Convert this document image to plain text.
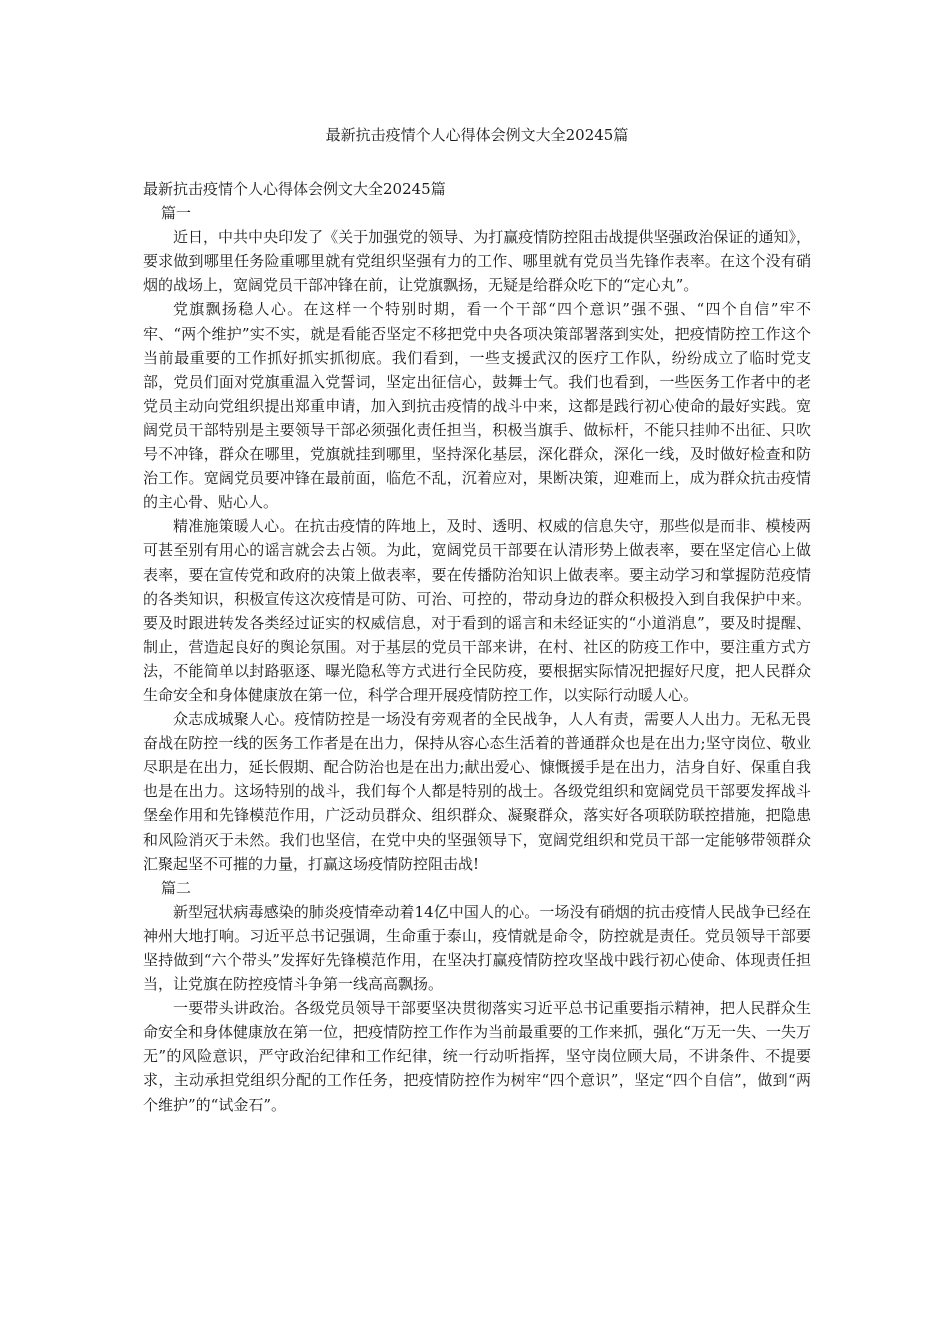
最新抗击疫情个人心得体会例文大全20245篇

最新抗击疫情个人心得体会例文大全20245篇

篇一

近日，中共中央印发了《关于加强党的领导、为打赢疫情防控阻击战提供坚强政治保证的通知》，要求做到哪里任务险重哪里就有党组织坚强有力的工作、哪里就有党员当先锋作表率。在这个没有硝烟的战场上，宽阔党员干部冲锋在前，让党旗飘扬，无疑是给群众吃下的“定心丸”。

党旗飘扬稳人心。在这样一个特别时期，看一个干部“四个意识”强不强、“四个自信”牢不牢、“两个维护”实不实，就是看能否坚定不移把党中央各项决策部署落到实处，把疫情防控工作这个当前最重要的工作抓好抓实抓彻底。我们看到，一些支援武汉的医疗工作队，纷纷成立了临时党支部，党员们面对党旗重温入党誓词，坚定出征信心，鼓舞士气。我们也看到，一些医务工作者中的老党员主动向党组织提出郑重申请，加入到抗击疫情的战斗中来，这都是践行初心使命的最好实践。宽阔党员干部特别是主要领导干部必须强化责任担当，积极当旗手、做标杆，不能只挂帅不出征、只吹号不冲锋，群众在哪里，党旗就挂到哪里，坚持深化基层，深化群众，深化一线，及时做好检查和防治工作。宽阔党员要冲锋在最前面，临危不乱，沉着应对，果断决策，迎难而上，成为群众抗击疫情的主心骨、贴心人。

精准施策暖人心。在抗击疫情的阵地上，及时、透明、权威的信息失守，那些似是而非、模棱两可甚至别有用心的谣言就会去占领。为此，宽阔党员干部要在认清形势上做表率，要在坚定信心上做表率，要在宣传党和政府的决策上做表率，要在传播防治知识上做表率。要主动学习和掌握防范疫情的各类知识，积极宣传这次疫情是可防、可治、可控的，带动身边的群众积极投入到自我保护中来。要及时跟进转发各类经过证实的权威信息，对于看到的谣言和未经证实的“小道消息”，要及时提醒、制止，营造起良好的舆论氛围。对于基层的党员干部来讲，在村、社区的防疫工作中，要注重方式方法，不能简单以封路驱逐、曝光隐私等方式进行全民防疫，要根据实际情况把握好尺度，把人民群众生命安全和身体健康放在第一位，科学合理开展疫情防控工作，以实际行动暖人心。

众志成城聚人心。疫情防控是一场没有旁观者的全民战争，人人有责，需要人人出力。无私无畏奋战在防控一线的医务工作者是在出力，保持从容心态生活着的普通群众也是在出力;坚守岗位、敬业尽职是在出力，延长假期、配合防治也是在出力;献出爱心、慷慨援手是在出力，洁身自好、保重自我也是在出力。这场特别的战斗，我们每个人都是特别的战士。各级党组织和宽阔党员干部要发挥战斗堡垒作用和先锋模范作用，广泛动员群众、组织群众、凝聚群众，落实好各项联防联控措施，把隐患和风险消灭于未然。我们也坚信，在党中央的坚强领导下，宽阔党组织和党员干部一定能够带领群众汇聚起坚不可摧的力量，打赢这场疫情防控阻击战!

篇二

新型冠状病毒感染的肺炎疫情牵动着14亿中国人的心。一场没有硝烟的抗击疫情人民战争已经在神州大地打响。习近平总书记强调，生命重于泰山，疫情就是命令，防控就是责任。党员领导干部要坚持做到“六个带头”发挥好先锋模范作用，在坚决打赢疫情防控攻坚战中践行初心使命、体现责任担当，让党旗在防控疫情斗争第一线高高飘扬。

一要带头讲政治。各级党员领导干部要坚决贯彻落实习近平总书记重要指示精神，把人民群众生命安全和身体健康放在第一位，把疫情防控工作作为当前最重要的工作来抓，强化“万无一失、一失万无”的风险意识，严守政治纪律和工作纪律，统一行动听指挥，坚守岗位顾大局，不讲条件、不提要求，主动承担党组织分配的工作任务，把疫情防控作为树牢“四个意识”，坚定“四个自信”，做到“两个维护”的“试金石”。
